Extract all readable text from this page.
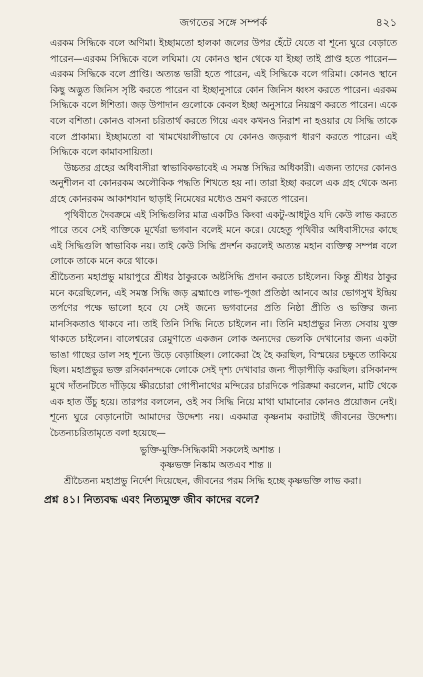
জগতের সঙ্গে সম্পর্ক	৪২১

এরকম সিদ্ধিকে বলে অণিমা। ইচ্ছামতো হালকা জলের উপর হেঁটে যেতে বা শূন্যে ঘুরে বেড়াতে পারেন—এরকম সিদ্ধিকে বলে লঘিমা। যে কোনও স্থান থেকে যা ইচ্ছা তাই প্রাপ্ত হতে পারেন—এরকম সিদ্ধিকে বলে প্রাপ্তি। অত্যন্ত ভারী হতে পারেন, এই সিদ্ধিকে বলে গরিমা। কোনও স্থানে কিছু অদ্ভুত জিনিস সৃষ্টি করতে পারেন বা ইচ্ছানুসারে কোন জিনিস ধ্বংস করতে পারেন। এরকম সিদ্ধিকে বলে ঈশিতা। জড় উপাদান গুলোকে কেবল ইচ্ছা অনুসারে নিয়ন্ত্রণ করতে পারেন। একে বলে বশিতা। কোনও বাসনা চরিতার্থ করতে গিয়ে এবং কখনও নিরাশ না হওয়ার যে সিদ্ধি তাকে বলে প্রাকাম্য। ইচ্ছামতো বা খামখেয়ালীভাবে যে কোনও জড়রূপ ধারণ করতে পারেন। এই সিদ্ধিকে বলে কামাবসায়িতা।

উচ্চতর গ্রহের অধিবাসীরা স্বাভাবিকভাবেই এ সমস্ত সিদ্ধির অধিকারী। এজন্য তাদের কোনও অনুশীলন বা কোনরকম অলৌকিক পদ্ধতি শিখতে হয় না। তারা ইচ্ছা করলে এক গ্রহ থেকে অন্য গ্রহে কোনরকম আকাশযান ছাড়াই নিমেষের মধ্যেও ভ্রমণ করতে পারেন।

পৃথিবীতে দৈবক্রমে এই সিদ্ধিগুলির মাত্র একটিও কিংবা একটু-আধটুও যদি কেউ লাভ করতে পারে তবে সেই ব্যক্তিকে মূর্খেরা ভগবান বলেই মনে করে। যেহেতু পৃথিবীর অধিবাসীদের কাছে এই সিদ্ধিগুলি স্বাভাবিক নয়। তাই কেউ সিদ্ধি প্রদর্শন করলেই অত্যন্ত মহান ব্যক্তিত্ব সম্পন্ন বলে লোকে তাকে মনে করে থাকে।

শ্রীচৈতন্য মহাপ্রভু মায়াপুরে শ্রীধর ঠাকুরকে অষ্টসিদ্ধি প্রদান করতে চাইলেন। কিন্তু শ্রীধর ঠাকুর মনে করেছিলেন, এই সমস্ত সিদ্ধি জড় ব্রহ্মাণ্ডে লাভ-পূজা প্রতিষ্ঠা আনবে আর ভোগসুখ ইন্দ্রিয় তর্পণের পক্ষে ভালো হবে যে সেই জন্যে ভগবানের প্রতি নিষ্ঠা প্রীতি ও ভক্তির জন্য মানসিকতাও থাকবে না। তাই তিনি সিদ্ধি নিতে চাইলেন না। তিনি মহাপ্রভুর নিত্য সেবায় যুক্ত থাকতে চাইলেন। বালেশ্বরের রেমুণাতে একজন লোক অন্যদের ভেলকি দেখানোর জন্য একটা ভাঙা গাছের ডাল সহ শূন্যে উড়ে বেড়াচ্ছিল। লোকেরা হৈ হৈ করছিল, বিস্ময়ের চক্ষুতে তাকিয়ে ছিল। মহাপ্রভুর ভক্ত রসিকানন্দকে লোকে সেই দৃশ্য দেখাবার জন্য পীড়াপীড়ি করছিল। রসিকানন্দ মুখে দাঁতনটিতে দাঁড়িয়ে ক্ষীরচোরা গোপীনাথের মন্দিরের চারদিকে পরিক্রমা করলেন, মাটি থেকে এক হাত উঁচু হয়ে। তারপর বললেন, ওই সব সিদ্ধি নিয়ে মাথা ঘামানোর কোনও প্রয়োজন নেই। শূন্যে ঘুরে বেড়ানোটা আমাদের উদ্দেশ্য নয়। একমাত্র কৃষ্ণনাম করাটাই জীবনের উদ্দেশ্য। চৈতন্যচরিতামৃতে বলা হয়েছে—

ভুক্তি-মুক্তি-সিদ্ধিকামী সকলেই অশান্ত ।
কৃষ্ণভক্ত নিষ্কাম অতএব শান্ত ॥

শ্রীচৈতন্য মহাপ্রভু নির্দেশ দিয়েছেন, জীবনের পরম সিদ্ধি হচ্ছে কৃষ্ণভক্তি লাভ করা।

প্রশ্ন ৪১। নিত্যবদ্ধ এবং নিত্যমুক্ত জীব কাদের বলে?
